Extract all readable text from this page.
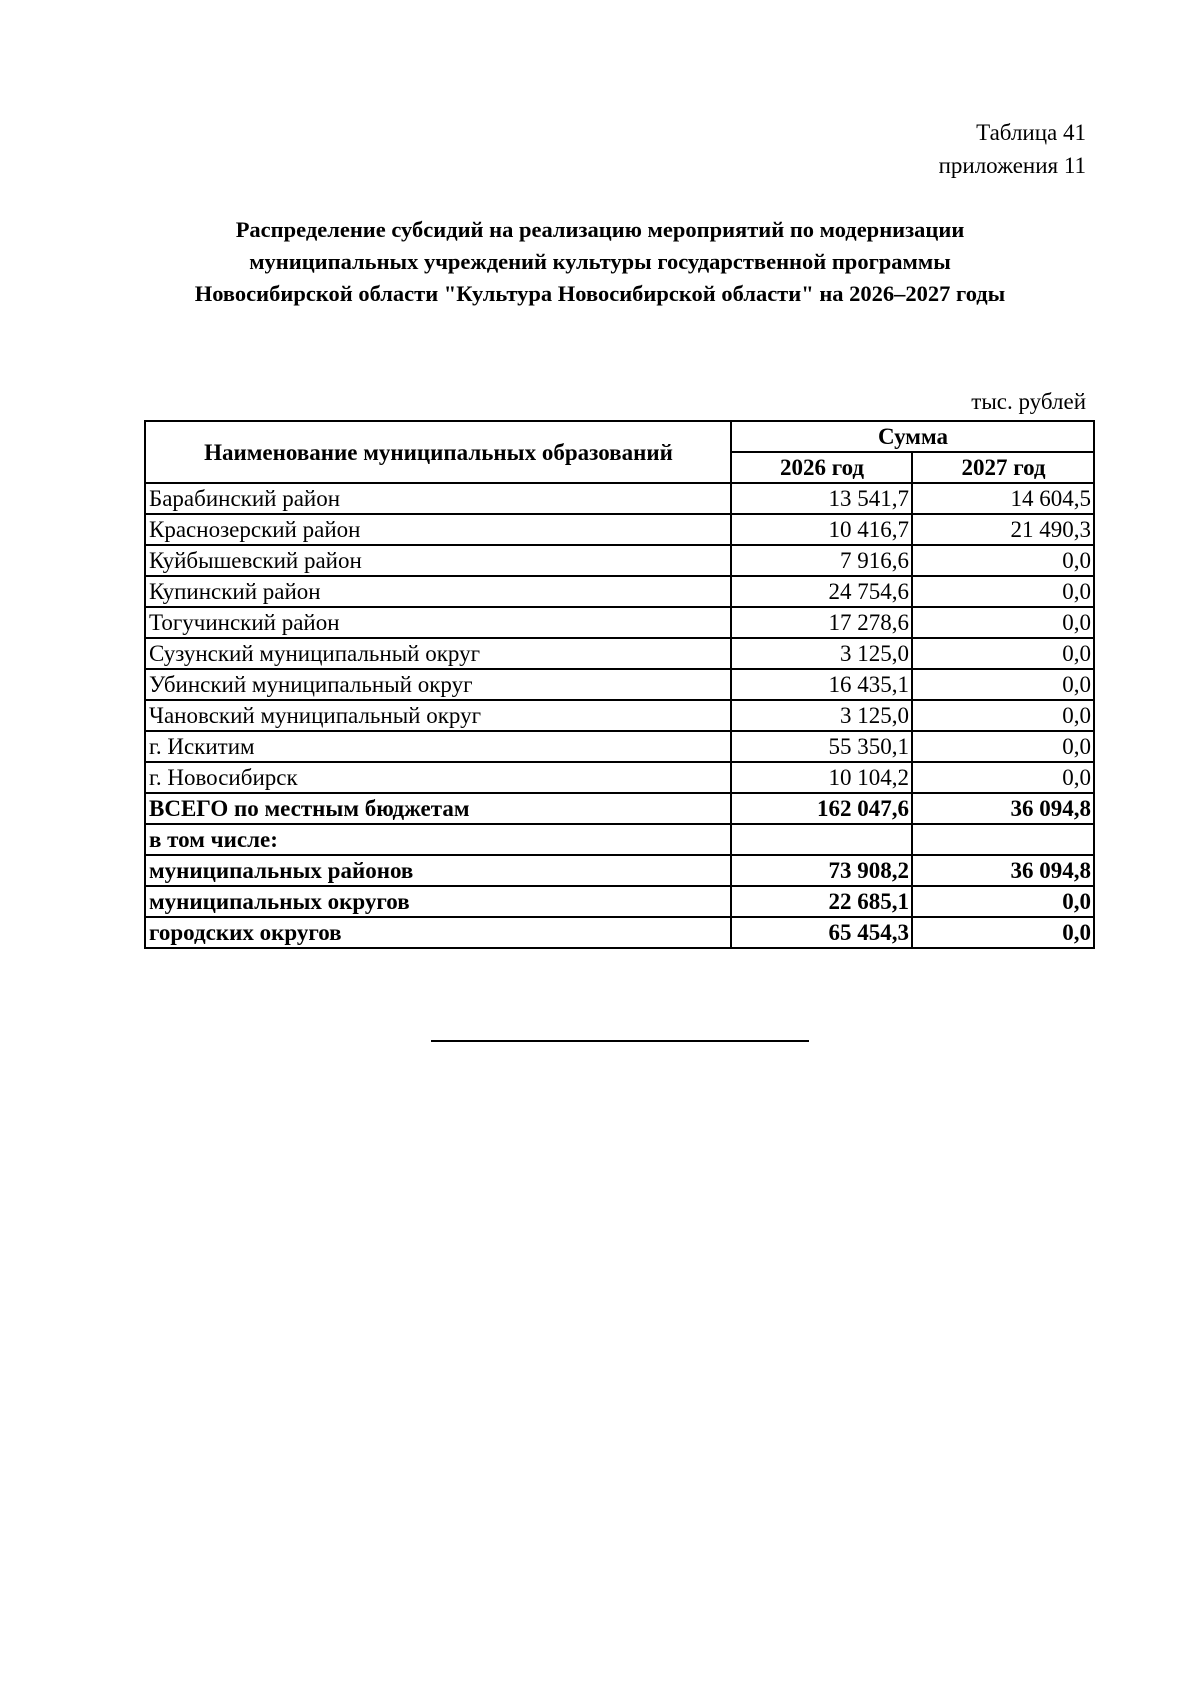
Таблица 41
приложения 11
Распределение субсидий на реализацию мероприятий по модернизации
муниципальных учреждений культуры государственной программы
Новосибирской области "Культура Новосибирской области" на 2026–2027 годы
тыс. рублей
Наименование муниципальных образований	Сумма	
	2026 год	2027 год
Барабинский район	13 541,7	14 604,5
Краснозерский район	10 416,7	21 490,3
Куйбышевский район	7 916,6	0,0
Купинский район	24 754,6	0,0
Тогучинский район	17 278,6	0,0
Сузунский муниципальный округ	3 125,0	0,0
Убинский муниципальный округ	16 435,1	0,0
Чановский муниципальный округ	3 125,0	0,0
г. Искитим	55 350,1	0,0
г. Новосибирск	10 104,2	0,0
ВСЕГО по местным бюджетам	162 047,6	36 094,8
в том числе:		
муниципальных районов	73 908,2	36 094,8
муниципальных округов	22 685,1	0,0
городских округов	65 454,3	0,0
